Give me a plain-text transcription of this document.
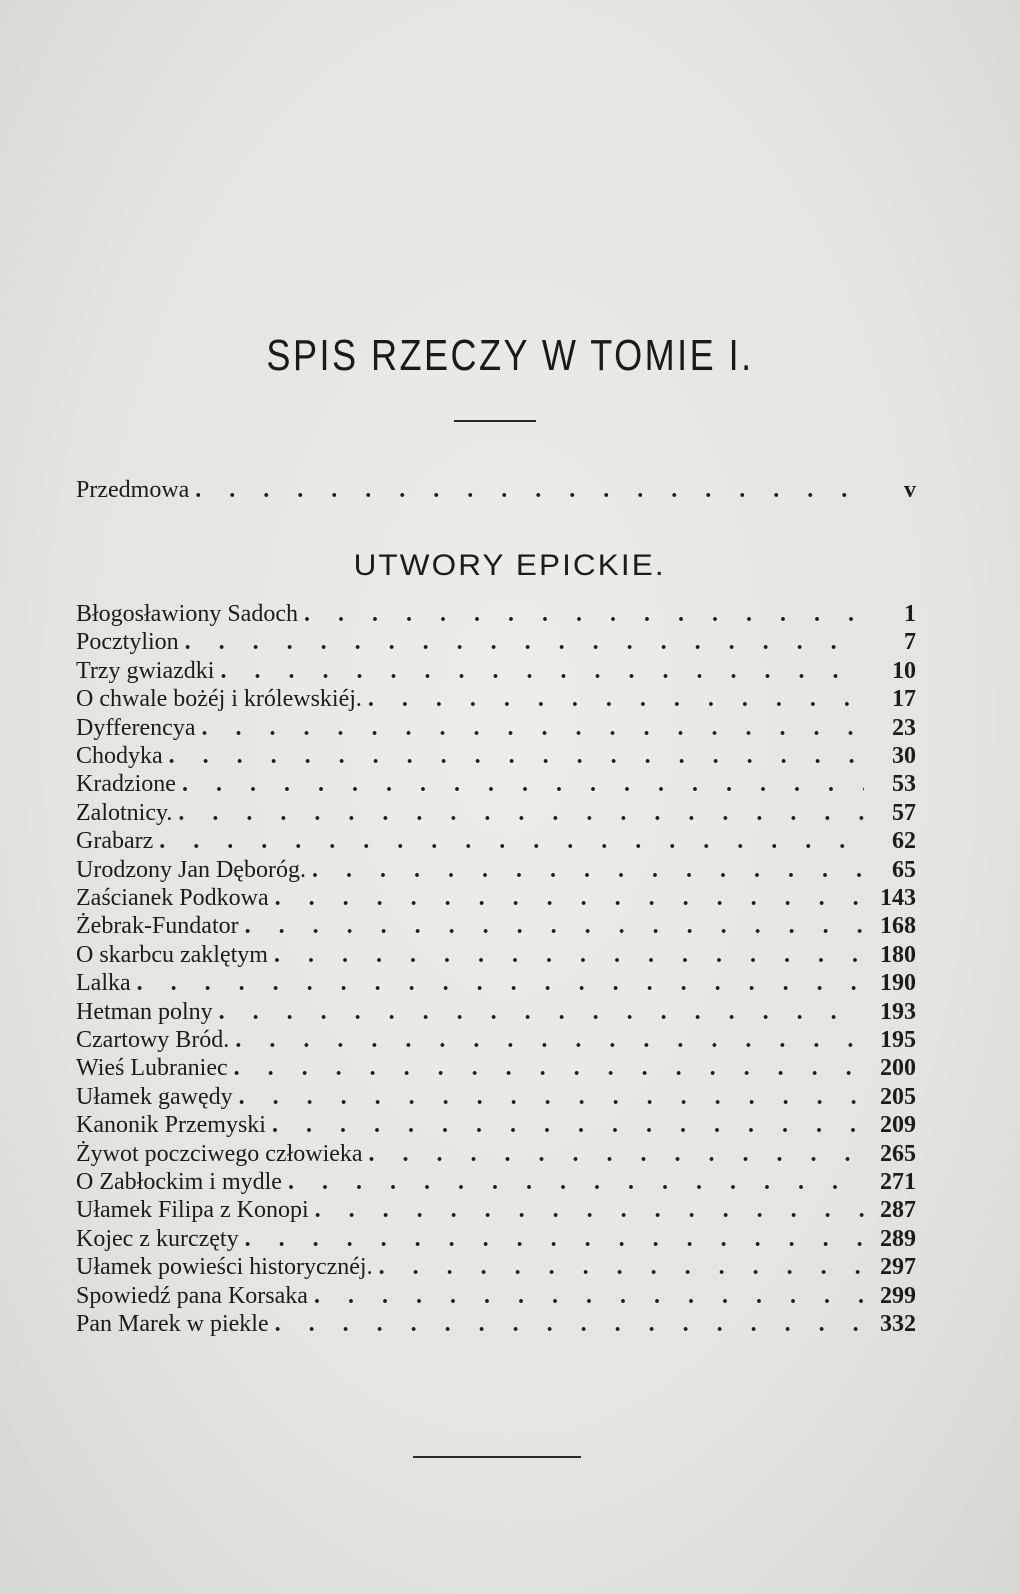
SPIS RZECZY W TOMIE I.
Przedmowa . . .	v
UTWORY EPICKIE.
Błogosławiony Sadoch . . .	1
Pocztylion . . .	7
Trzy gwiazdki . . .	10
O chwale bożéj i królewskiéj. . . .	17
Dyfferencya . . .	23
Chodyka . . .	30
Kradzione . . .	53
Zalotnicy. . . .	57
Grabarz . . .	62
Urodzony Jan Dęboróg. . . .	65
Zaścianek Podkowa . . .	143
Żebrak-Fundator . . .	168
O skarbcu zaklętym . . .	180
Lalka . . .	190
Hetman polny . . .	193
Czartowy Bród. . . .	195
Wieś Lubraniec . . .	200
Ułamek gawędy . . .	205
Kanonik Przemyski . . .	209
Żywot poczciwego człowieka . . .	265
O Zabłockim i mydle . . .	271
Ułamek Filipa z Konopi . . .	287
Kojec z kurczęty . . .	289
Ułamek powieści historycznéj. . . .	297
Spowiedź pana Korsaka . . .	299
Pan Marek w piekle . . .	332
